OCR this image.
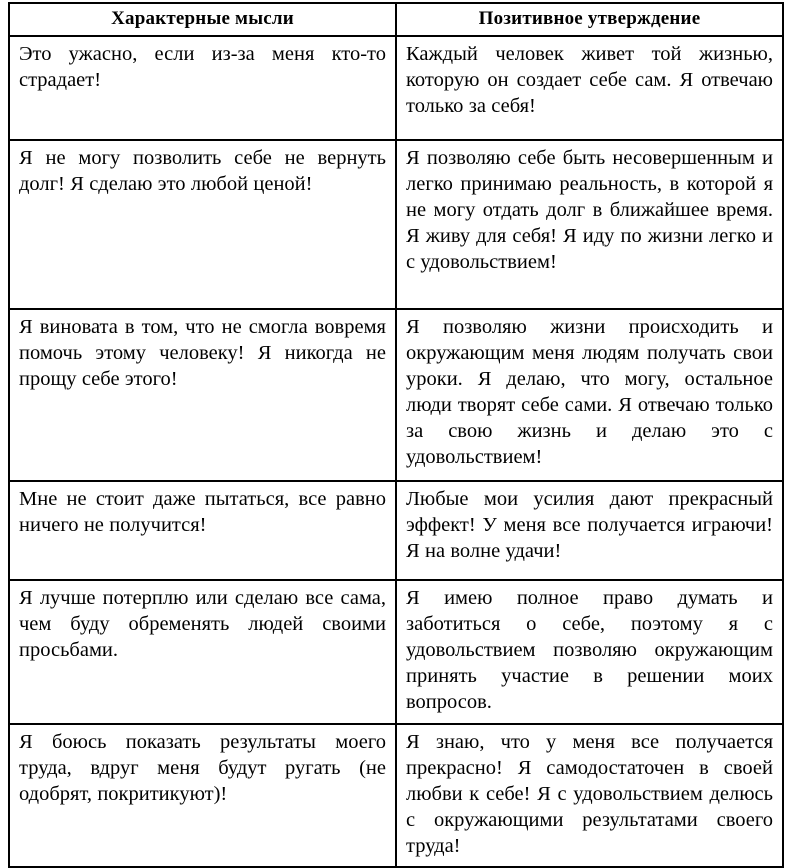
Характерные мысли	Позитивное утверждение

Это ужасно, если из-за меня кто-то страдает!	Каждый человек живет той жизнью, которую он создает себе сам. Я отвечаю только за себя!

Я не могу позволить себе не вернуть долг! Я сделаю это любой ценой!	Я позволяю себе быть несовершенным и легко принимаю реальность, в которой я не могу отдать долг в ближайшее время. Я живу для себя! Я иду по жизни легко и с удовольствием!

Я виновата в том, что не смогла вовремя помочь этому человеку! Я никогда не прощу себе этого!	Я позволяю жизни происходить и окружающим меня людям получать свои уроки. Я делаю, что могу, остальное люди творят себе сами. Я отвечаю только за свою жизнь и делаю это с удовольствием!

Мне не стоит даже пытаться, все равно ничего не получится!	Любые мои усилия дают прекрасный эффект! У меня все получается играючи! Я на волне удачи!

Я лучше потерплю или сделаю все сама, чем буду обременять людей своими просьбами.	Я имею полное право думать и заботиться о себе, поэтому я с удовольствием позволяю окружающим принять участие в решении моих вопросов.

Я боюсь показать результаты моего труда, вдруг меня будут ругать (не одобрят, покритикуют)!	Я знаю, что у меня все получается прекрасно! Я самодостаточен в своей любви к себе! Я с удовольствием делюсь с окружающими результатами своего труда!
